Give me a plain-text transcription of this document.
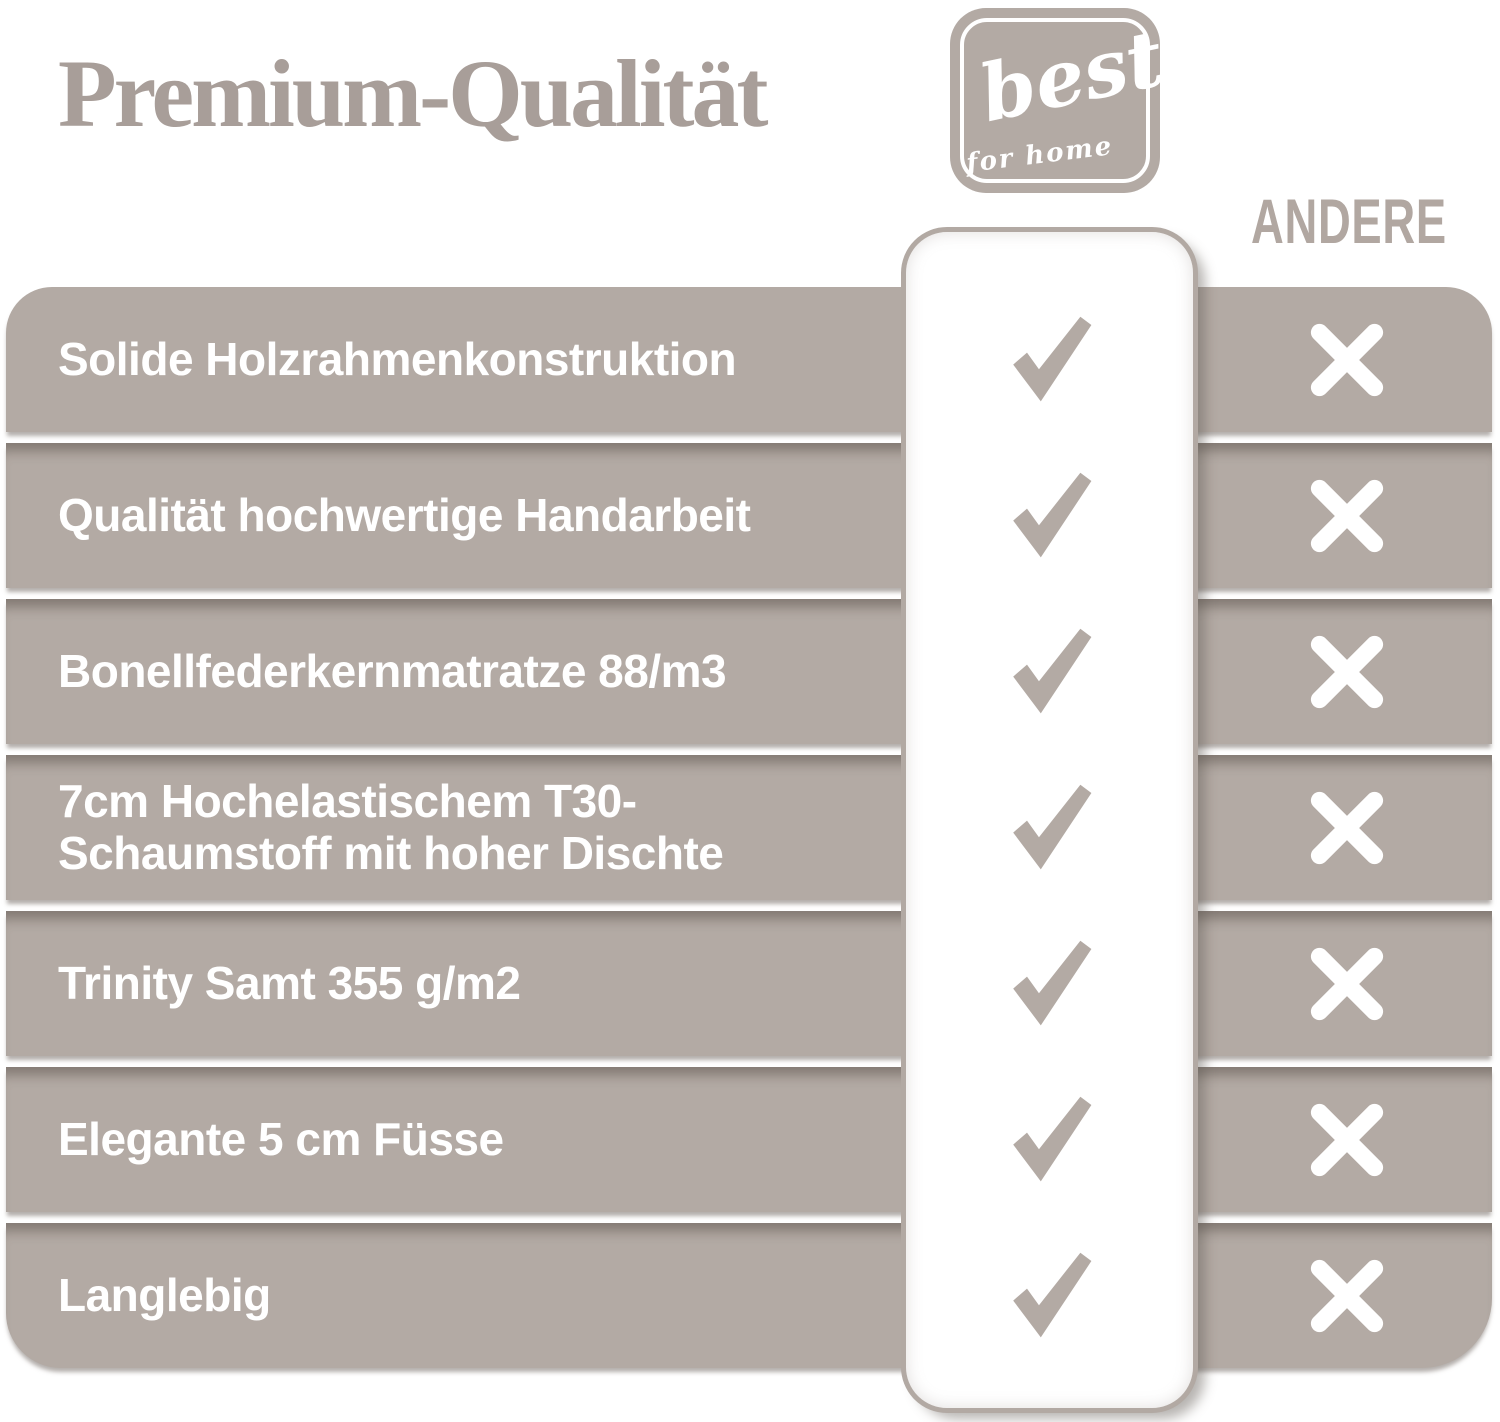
Premium-Qualität	best
for home
ANDERE
Solide Holzrahmenkonstruktion
Qualität hochwertige Handarbeit
Bonellfederkernmatratze 88/m3
7cm Hochelastischem T30-
Schaumstoff mit hoher Dischte
Trinity Samt 355 g/m2
Elegante 5 cm Füsse
Langlebig
